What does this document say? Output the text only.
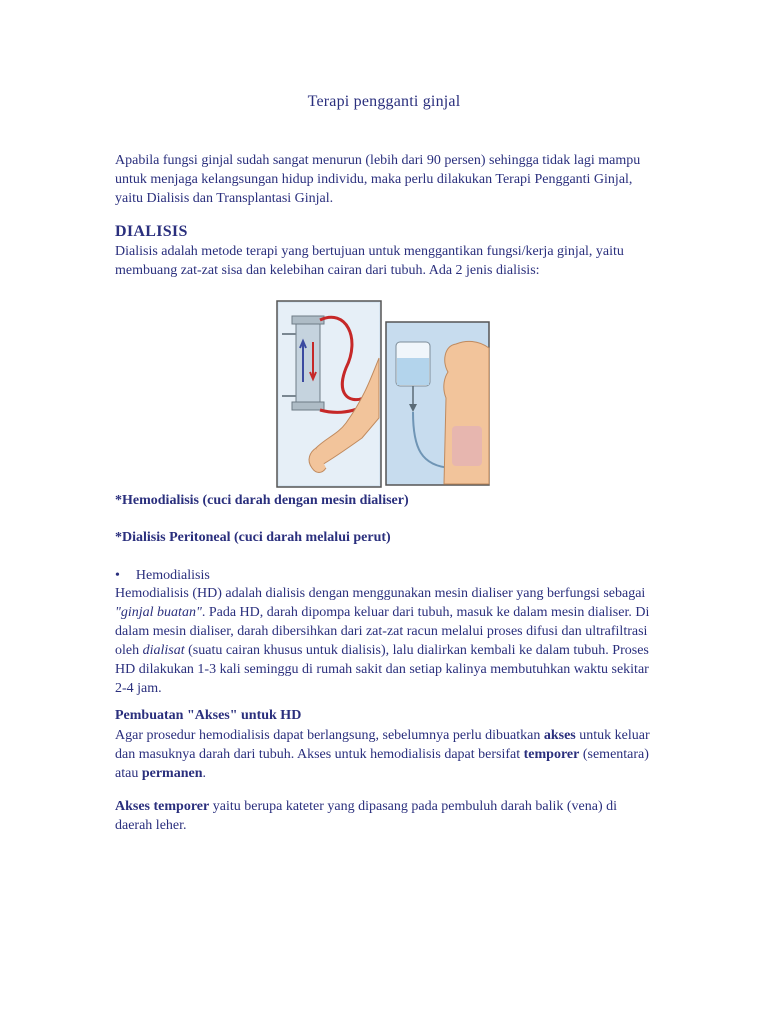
Terapi pengganti ginjal

Apabila fungsi ginjal sudah sangat menurun (lebih dari 90 persen) sehingga tidak lagi mampu untuk menjaga kelangsungan hidup individu, maka perlu dilakukan Terapi Pengganti Ginjal, yaitu Dialisis dan Transplantasi Ginjal.

DIALISIS

Dialisis adalah metode terapi yang bertujuan untuk menggantikan fungsi/kerja ginjal, yaitu membuang zat-zat sisa dan kelebihan cairan dari tubuh. Ada 2 jenis dialisis:

*Hemodialisis (cuci darah dengan mesin dialiser)
*Dialisis Peritoneal (cuci darah melalui perut)
• Hemodialisis

Hemodialisis (HD) adalah dialisis dengan menggunakan mesin dialiser yang berfungsi sebagai "ginjal buatan". Pada HD, darah dipompa keluar dari tubuh, masuk ke dalam mesin dialiser. Di dalam mesin dialiser, darah dibersihkan dari zat-zat racun melalui proses difusi dan ultrafiltrasi oleh dialisat (suatu cairan khusus untuk dialisis), lalu dialirkan kembali ke dalam tubuh. Proses HD dilakukan 1-3 kali seminggu di rumah sakit dan setiap kalinya membutuhkan waktu sekitar 2-4 jam.

Pembuatan "Akses" untuk HD

Agar prosedur hemodialisis dapat berlangsung, sebelumnya perlu dibuatkan akses untuk keluar dan masuknya darah dari tubuh. Akses untuk hemodialisis dapat bersifat temporer (sementara) atau permanen.

Akses temporer yaitu berupa kateter yang dipasang pada pembuluh darah balik (vena) di daerah leher.
